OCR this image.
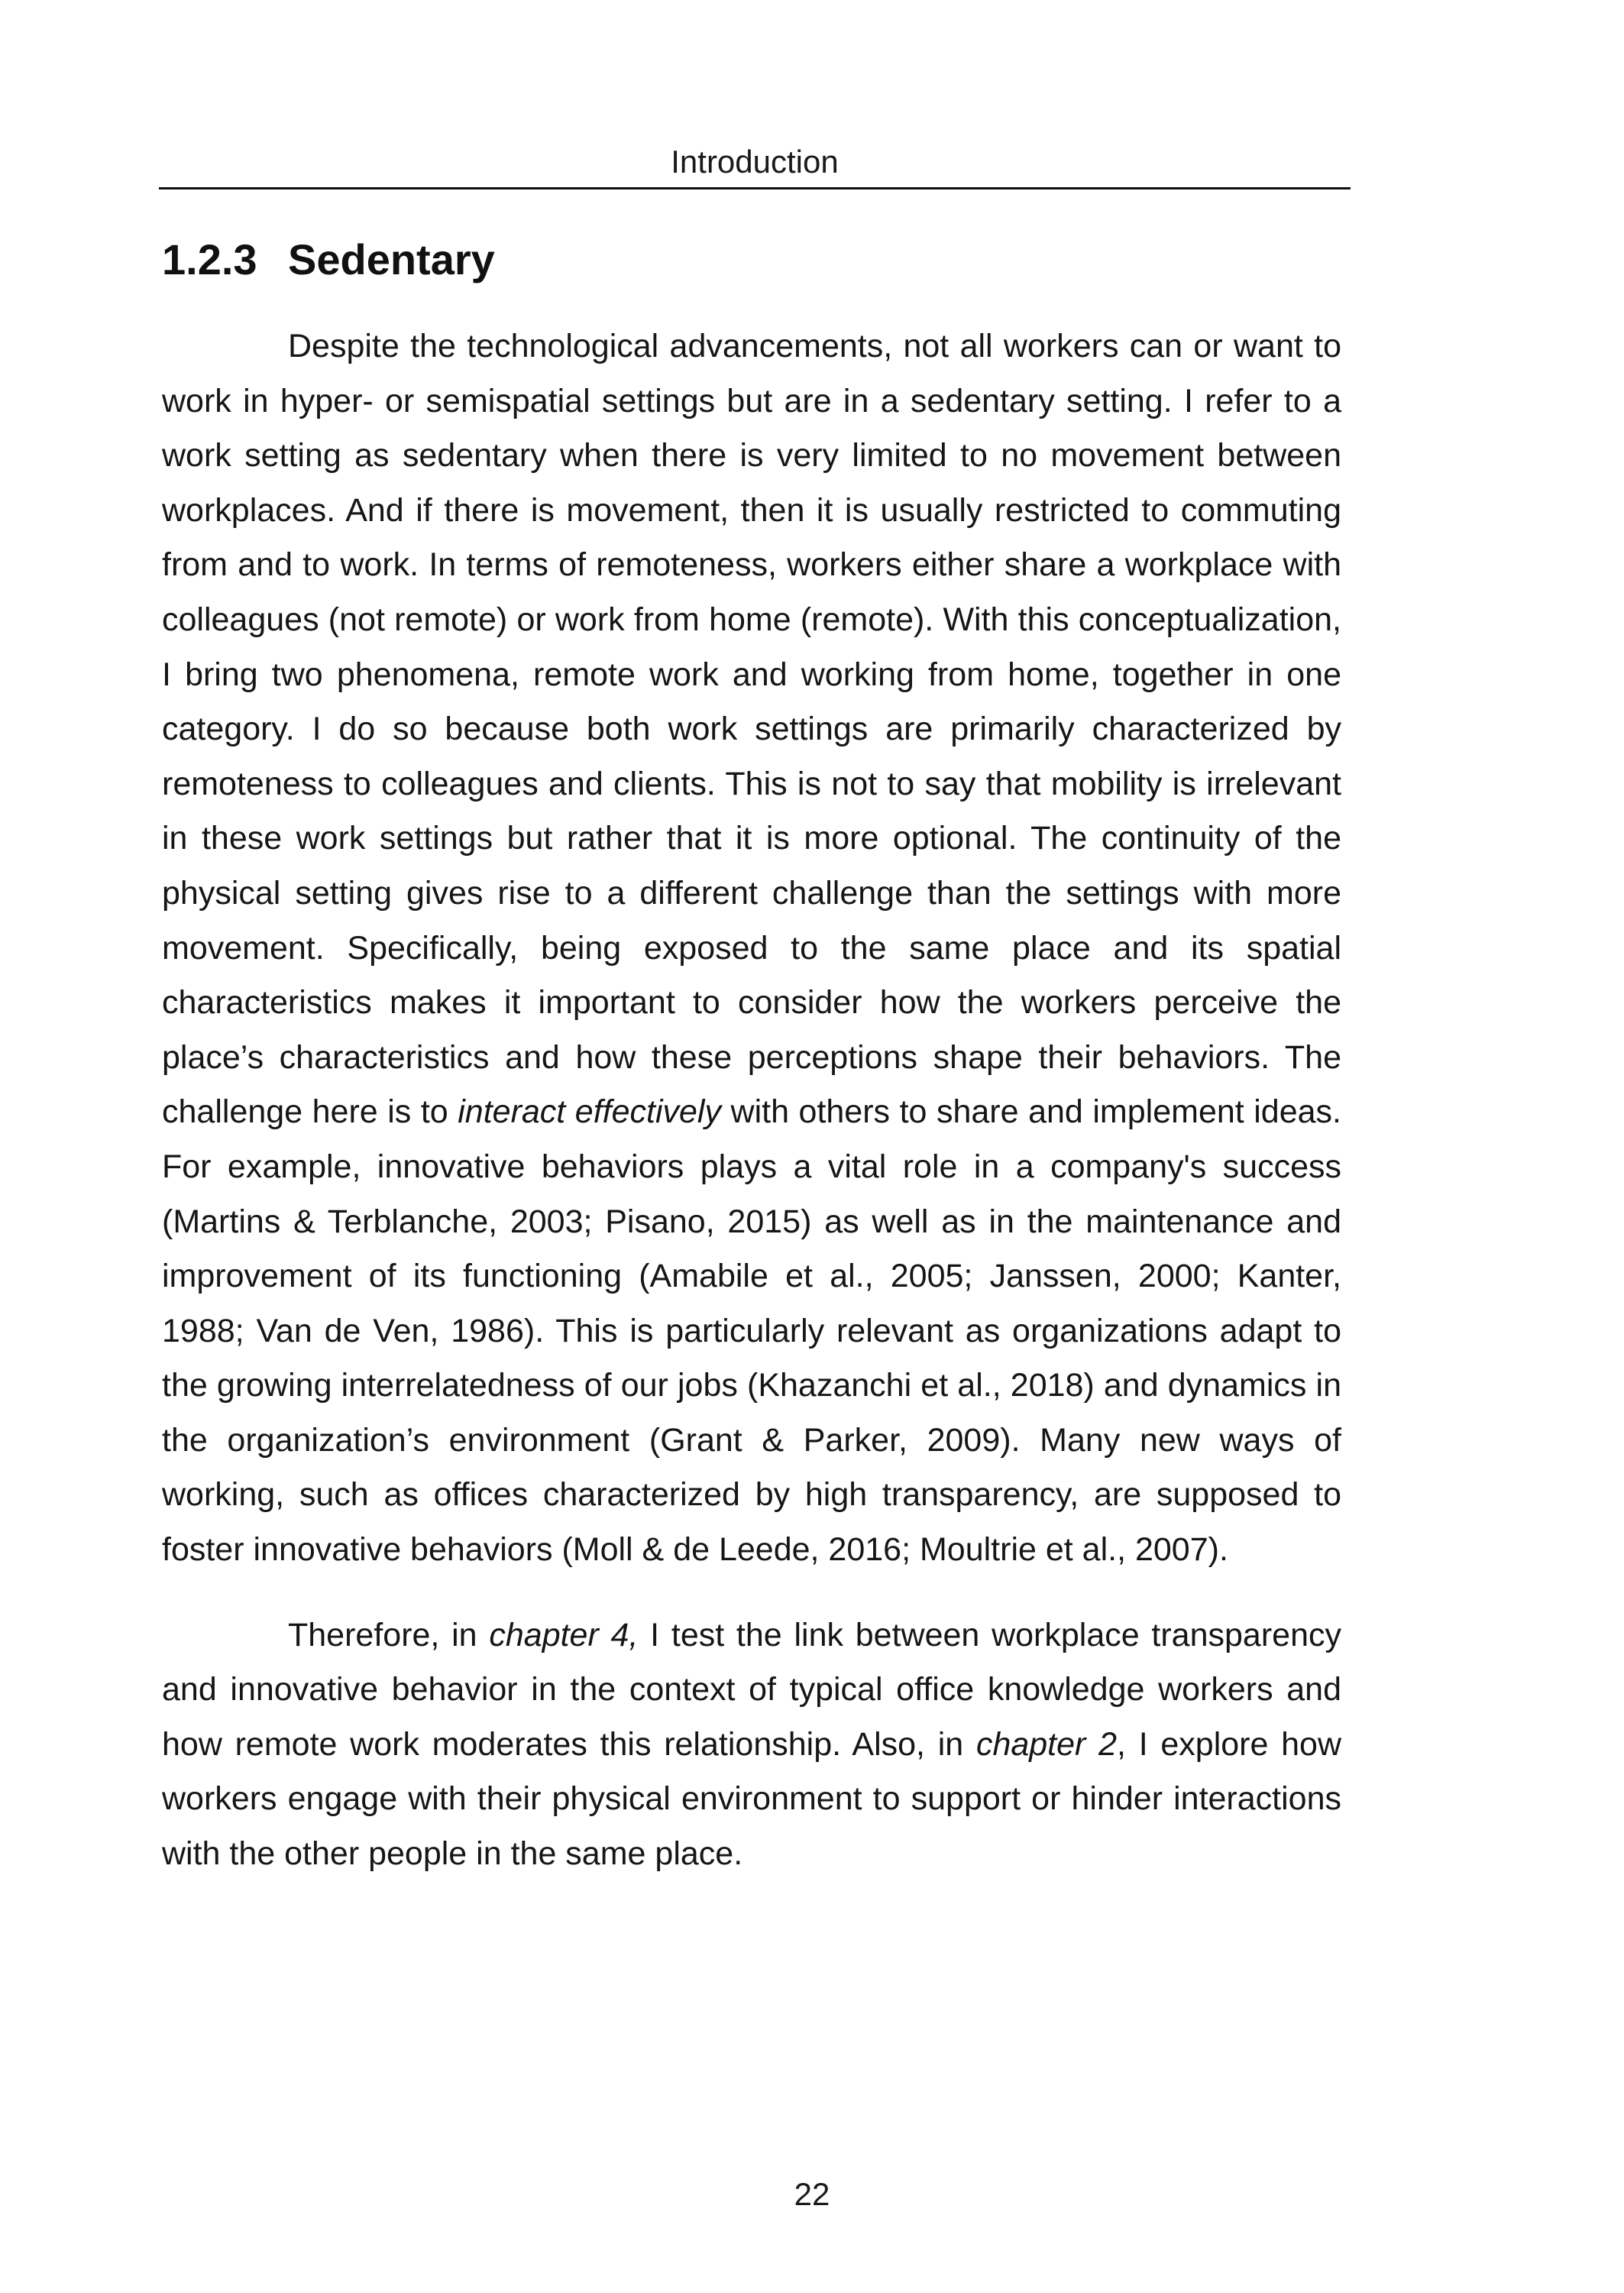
Introduction
1.2.3 Sedentary

Despite the technological advancements, not all workers can or want to work in hyper- or semispatial settings but are in a sedentary setting. I refer to a work setting as sedentary when there is very limited to no movement between workplaces. And if there is movement, then it is usually restricted to commuting from and to work. In terms of remoteness, workers either share a workplace with colleagues (not remote) or work from home (remote). With this conceptualization, I bring two phenomena, remote work and working from home, together in one category. I do so because both work settings are primarily characterized by remoteness to colleagues and clients. This is not to say that mobility is irrelevant in these work settings but rather that it is more optional. The continuity of the physical setting gives rise to a different challenge than the settings with more movement. Specifically, being exposed to the same place and its spatial characteristics makes it important to consider how the workers perceive the place’s characteristics and how these perceptions shape their behaviors. The challenge here is to interact effectively with others to share and implement ideas. For example, innovative behaviors plays a vital role in a company's success (Martins & Terblanche, 2003; Pisano, 2015) as well as in the maintenance and improvement of its functioning (Amabile et al., 2005; Janssen, 2000; Kanter, 1988; Van de Ven, 1986). This is particularly relevant as organizations adapt to the growing interrelatedness of our jobs (Khazanchi et al., 2018) and dynamics in the organization’s environment (Grant & Parker, 2009). Many new ways of working, such as offices characterized by high transparency, are supposed to foster innovative behaviors (Moll & de Leede, 2016; Moultrie et al., 2007).

Therefore, in chapter 4, I test the link between workplace transparency and innovative behavior in the context of typical office knowledge workers and how remote work moderates this relationship. Also, in chapter 2, I explore how workers engage with their physical environment to support or hinder interactions with the other people in the same place.

22
